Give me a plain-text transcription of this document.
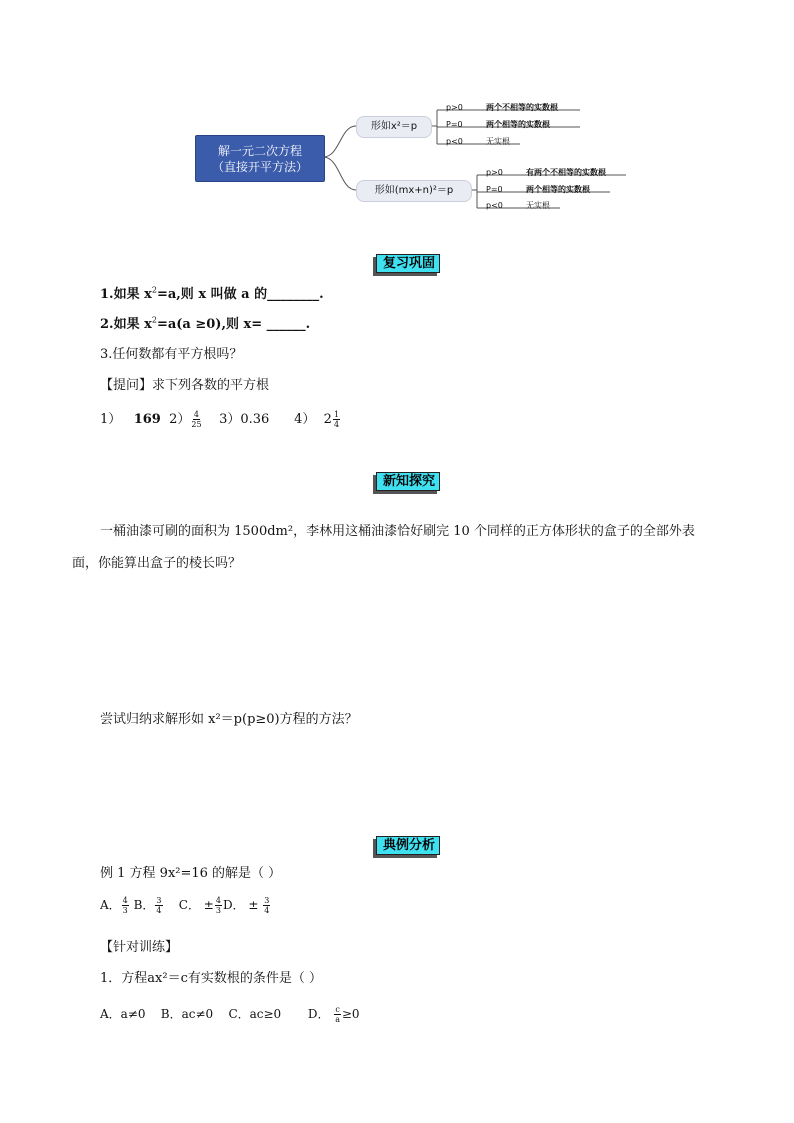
解一元二次方程
（直接开平方法）
形如x²＝p
形如(mx+n)²＝p
p>0	两个不相等的实数根
P=0	两个相等的实数根
p<0	无实根
p>0	有两个不相等的实数根
P=0	两个相等的实数根
p<0	无实根
复习巩固
1.如果 $x^2=a$,则 x 叫做 a 的________.
2.如果 $x^2=a(a \ge 0)$,则 x= ______.
3.任何数都有平方根吗？
【提问】求下列各数的平方根
1） 169 $2) \frac{4}{25} 3)0.36$ 4） $2 \frac{1}{4}$
新知探究
一桶油漆可刷的面积为 1500dm²，李林用这桶油漆恰好刷完 10 个同样的正方体形状的盒子的全部外表
面，你能算出盒子的棱长吗？
尝试归纳求解形如 x²＝p(p≥0)方程的方法？
典例分析
例 1 方程 9x²=16 的解是（ ）
A． $\frac{4}{3}$ B． $\frac{3}{4}$ C． ± $\frac{4}{3}$ D． ± $\frac{3}{4}$
【针对训练】
1．方程ax²＝c有实数根的条件是（ ）
A．a≠0 B．ac≠0 C．ac≥0 D． $\frac{c}{a} \ge 0$
